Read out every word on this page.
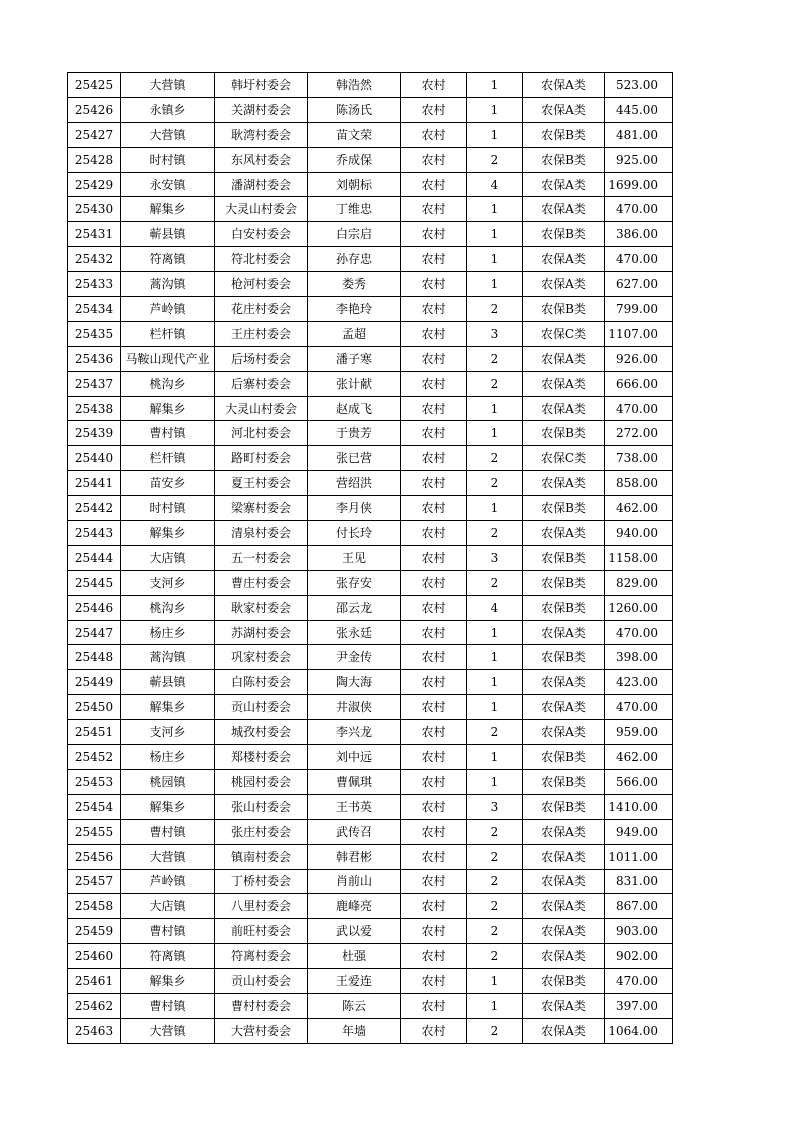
25425	大营镇	韩圩村委会	韩浩然	农村	1	农保A类	523.00
25426	永镇乡	关湖村委会	陈汤氏	农村	1	农保A类	445.00
25427	大营镇	耿湾村委会	苗文荣	农村	1	农保B类	481.00
25428	时村镇	东风村委会	乔成保	农村	2	农保B类	925.00
25429	永安镇	潘湖村委会	刘朝标	农村	4	农保A类	1699.00
25430	解集乡	大灵山村委会	丁维忠	农村	1	农保A类	470.00
25431	蕲县镇	白安村委会	白宗启	农村	1	农保B类	386.00
25432	符离镇	符北村委会	孙存忠	农村	1	农保A类	470.00
25433	蒿沟镇	枪河村委会	娄秀	农村	1	农保A类	627.00
25434	芦岭镇	花庄村委会	李艳玲	农村	2	农保B类	799.00
25435	栏杆镇	王庄村委会	孟超	农村	3	农保C类	1107.00
25436	马鞍山现代产业	后场村委会	潘子寒	农村	2	农保A类	926.00
25437	桃沟乡	后寨村委会	张计献	农村	2	农保A类	666.00
25438	解集乡	大灵山村委会	赵成飞	农村	1	农保A类	470.00
25439	曹村镇	河北村委会	于贵芳	农村	1	农保B类	272.00
25440	栏杆镇	路町村委会	张已营	农村	2	农保C类	738.00
25441	苗安乡	夏王村委会	营绍洪	农村	2	农保A类	858.00
25442	时村镇	梁寨村委会	李月侠	农村	1	农保B类	462.00
25443	解集乡	清泉村委会	付长玲	农村	2	农保A类	940.00
25444	大店镇	五一村委会	王见	农村	3	农保B类	1158.00
25445	支河乡	曹庄村委会	张存安	农村	2	农保B类	829.00
25446	桃沟乡	耿家村委会	邵云龙	农村	4	农保B类	1260.00
25447	杨庄乡	苏湖村委会	张永廷	农村	1	农保A类	470.00
25448	蒿沟镇	巩家村委会	尹金传	农村	1	农保B类	398.00
25449	蕲县镇	白陈村委会	陶大海	农村	1	农保A类	423.00
25450	解集乡	贡山村委会	井淑侠	农村	1	农保A类	470.00
25451	支河乡	城孜村委会	李兴龙	农村	2	农保A类	959.00
25452	杨庄乡	郑楼村委会	刘中远	农村	1	农保B类	462.00
25453	桃园镇	桃园村委会	曹佩琪	农村	1	农保B类	566.00
25454	解集乡	张山村委会	王书英	农村	3	农保B类	1410.00
25455	曹村镇	张庄村委会	武传召	农村	2	农保A类	949.00
25456	大营镇	镇南村委会	韩君彬	农村	2	农保A类	1011.00
25457	芦岭镇	丁桥村委会	肖前山	农村	2	农保A类	831.00
25458	大店镇	八里村委会	鹿峰亮	农村	2	农保A类	867.00
25459	曹村镇	前旺村委会	武以爱	农村	2	农保A类	903.00
25460	符离镇	符离村委会	杜强	农村	2	农保A类	902.00
25461	解集乡	贡山村委会	王爱连	农村	1	农保B类	470.00
25462	曹村镇	曹村村委会	陈云	农村	1	农保A类	397.00
25463	大营镇	大营村委会	年墙	农村	2	农保A类	1064.00
